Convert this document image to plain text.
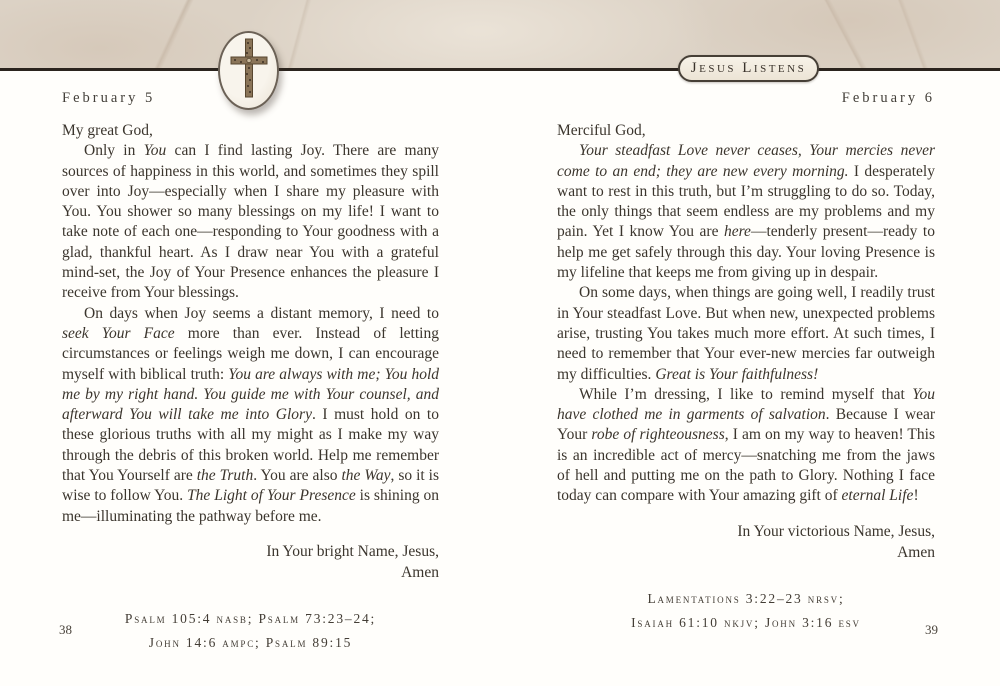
Jesus Listens
February 5

My great God,

Only in You can I find lasting Joy. There are many sources of happiness in this world, and sometimes they spill over into Joy—especially when I share my pleasure with You. You shower so many blessings on my life! I want to take note of each one—responding to Your goodness with a glad, thankful heart. As I draw near You with a grateful mind-set, the Joy of Your Presence enhances the pleasure I receive from Your blessings.

On days when Joy seems a distant memory, I need to seek Your Face more than ever. Instead of letting circumstances or feelings weigh me down, I can encourage myself with biblical truth: You are always with me; You hold me by my right hand. You guide me with Your counsel, and afterward You will take me into Glory. I must hold on to these glorious truths with all my might as I make my way through the debris of this broken world. Help me remember that You Yourself are the Truth. You are also the Way, so it is wise to follow You. The Light of Your Presence is shining on me—illuminating the pathway before me.

In Your bright Name, Jesus,
Amen
Psalm 105:4 nasb; Psalm 73:23–24;
John 14:6 ampc; Psalm 89:15
38
February 6

Merciful God,

Your steadfast Love never ceases, Your mercies never come to an end; they are new every morning. I desperately want to rest in this truth, but I’m struggling to do so. Today, the only things that seem endless are my problems and my pain. Yet I know You are here—tenderly present—ready to help me get safely through this day. Your loving Presence is my lifeline that keeps me from giving up in despair.

On some days, when things are going well, I readily trust in Your steadfast Love. But when new, unexpected problems arise, trusting You takes much more effort. At such times, I need to remember that Your ever-new mercies far outweigh my difficulties. Great is Your faithfulness!

While I’m dressing, I like to remind myself that You have clothed me in garments of salvation. Because I wear Your robe of righteousness, I am on my way to heaven! This is an incredible act of mercy—snatching me from the jaws of hell and putting me on the path to Glory. Nothing I face today can compare with Your amazing gift of eternal Life!

In Your victorious Name, Jesus,
Amen
Lamentations 3:22–23 nrsv;
Isaiah 61:10 nkjv; John 3:16 esv	39
